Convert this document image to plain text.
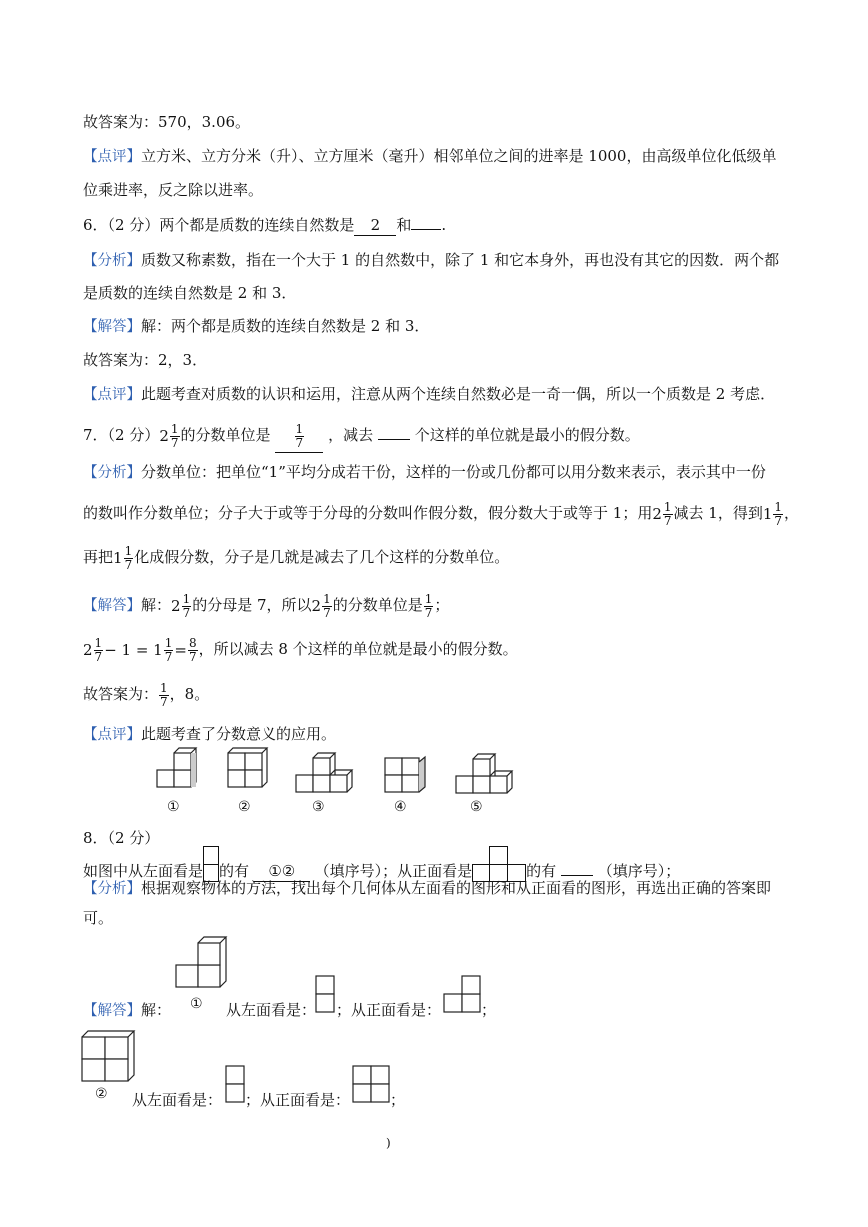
故答案为：570，3.06。
【点评】立方米、立方分米（升）、立方厘米（毫升）相邻单位之间的进率是 1000，由高级单位化低级单
位乘进率，反之除以进率。
6．（2 分）两个都是质数的连续自然数是 2 和 .
【分析】质数又称素数，指在一个大于 1 的自然数中，除了 1 和它本身外，再也没有其它的因数．两个都
是质数的连续自然数是 2 和 3．
【解答】解：两个都是质数的连续自然数是 2 和 3．
故答案为：2，3．
【点评】此题考查对质数的认识和运用，注意从两个连续自然数必是一奇一偶，所以一个质数是 2 考虑．
7．（2 分）$2 \frac{1}{7}$ 的分数单位是 $\frac{1}{7}$ ，减去	个这样的单位就是最小的假分数。
【分析】分数单位：把单位“1”平均分成若干份，这样的一份或几份都可以用分数来表示，表示其中一份
的数叫作分数单位；分子大于或等于分母的分数叫作假分数，假分数大于或等于 1；用$2 \frac{1}{7}$ 减去 1，得到$1 \frac{1}{7}$ ，
再把$1 \frac{1}{7}$ 化成假分数，分子是几就是减去了几个这样的分数单位。
【解答】解：$2 \frac{1}{7}$ 的分母是 7，所以$2 \frac{1}{7}$ 的分数单位是 $\frac{1}{7}$ ；
$2 \frac{1}{7} - 1 = 1 \frac{1}{7} = \frac{8}{7}$ ，所以减去 8 个这样的单位就是最小的假分数。
故答案为： $\frac{1}{7}$ ，8。
【点评】此题考查了分数意义的应用。
①	②	③	④	⑤
8．（2 分）
如图中从左面看是 的有 ①② （填序号）；从正面看是	的有	（填序号）；
【分析】根据观察物体的方法，找出每个几何体从左面看的图形和从正面看的图形，再选出正确的答案即
可。
①
【解答】解：	从左面看是： ；从正面看是：	；
② 从左面看是： ；从正面看是：	；
)
